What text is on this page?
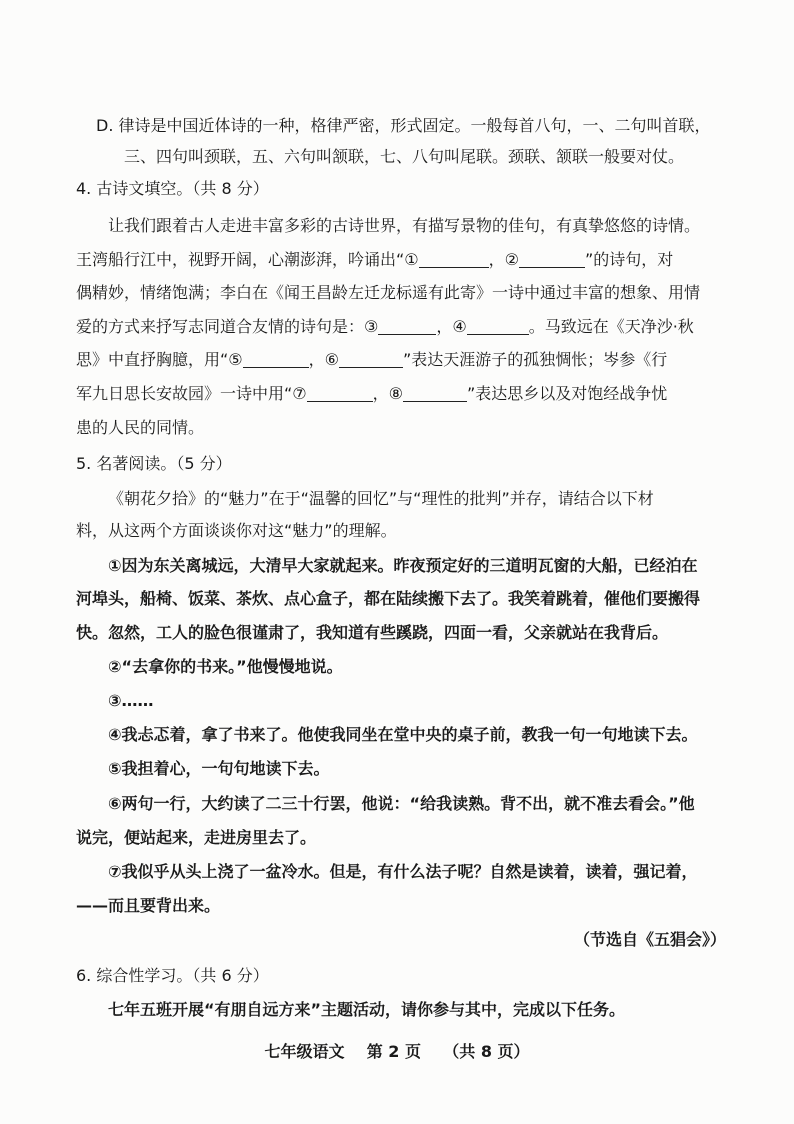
D. 律诗是中国近体诗的一种，格律严密，形式固定。一般每首八句，一、二句叫首联，
三、四句叫颈联，五、六句叫颔联，七、八句叫尾联。颈联、颔联一般要对仗。
4. 古诗文填空。（共 8 分）
让我们跟着古人走进丰富多彩的古诗世界，有描写景物的佳句，有真挚悠悠的诗情。
王湾船行江中，视野开阔，心潮澎湃，吟诵出“①	，②	”的诗句，对
偶精妙，情绪饱满；李白在《闻王昌龄左迁龙标遥有此寄》一诗中通过丰富的想象、用情
爱的方式来抒写志同道合友情的诗句是：③	，④	。马致远在《天净沙·秋
思》中直抒胸臆，用“⑤	，⑥	”表达天涯游子的孤独惆怅；岑参《行
军九日思长安故园》一诗中用“⑦	，⑧	”表达思乡以及对饱经战争忧
患的人民的同情。
5. 名著阅读。（5 分）
《朝花夕拾》的“魅力”在于“温馨的回忆”与“理性的批判”并存，请结合以下材
料，从这两个方面谈谈你对这“魅力”的理解。
①因为东关离城远，大清早大家就起来。昨夜预定好的三道明瓦窗的大船，已经泊在
河埠头，船椅、饭菜、茶炊、点心盒子，都在陆续搬下去了。我笑着跳着，催他们要搬得
快。忽然，工人的脸色很谨肃了，我知道有些蹊跷，四面一看，父亲就站在我背后。
②“去拿你的书来。”他慢慢地说。
③……
④我忐忑着，拿了书来了。他使我同坐在堂中央的桌子前，教我一句一句地读下去。
⑤我担着心，一句句地读下去。
⑥两句一行，大约读了二三十行罢，他说：“给我读熟。背不出，就不准去看会。”他
说完，便站起来，走进房里去了。
⑦我似乎从头上浇了一盆冷水。但是，有什么法子呢？自然是读着，读着，强记着，
——而且要背出来。
（节选自《五猖会》）
6. 综合性学习。（共 6 分）
七年五班开展“有朋自远方来”主题活动，请你参与其中，完成以下任务。
七年级语文    第 2 页    （共 8 页）
